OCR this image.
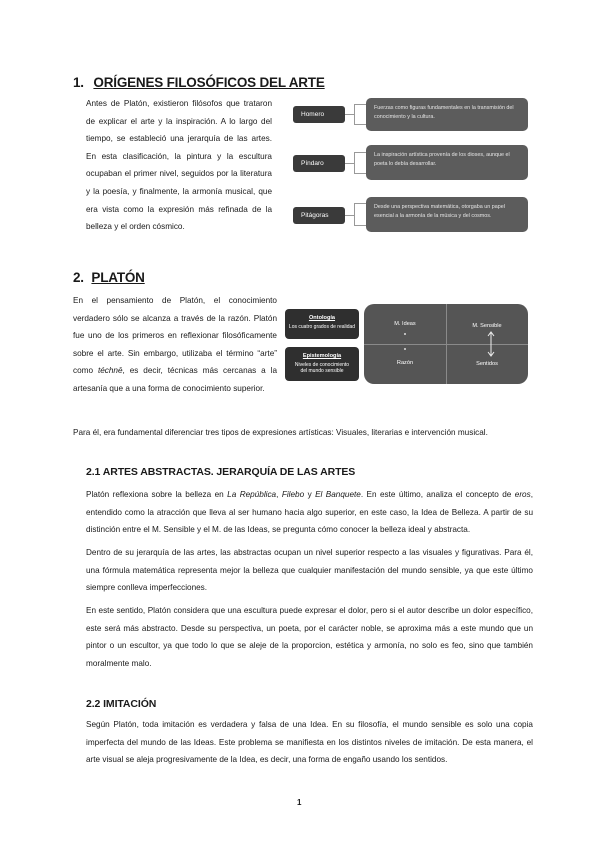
1. ORÍGENES FILOSÓFICOS DEL ARTE

Antes de Platón, existieron filósofos que trataron de explicar el arte y la inspiración. A lo largo del tiempo, se estableció una jerarquía de las artes. En esta clasificación, la pintura y la escultura ocupaban el primer nivel, seguidos por la literatura y la poesía, y finalmente, la armonía musical, que era vista como la expresión más refinada de la belleza y el orden cósmico.

Homero
Fuerzas como figuras fundamentales en la transmisión del conocimiento y la cultura.
Píndaro
La inspiración artística provenía de los dioses, aunque el poeta lo debía desarrollar.
Pitágoras
Desde una perspectiva matemática, otorgaba un papel esencial a la armonía de la música y del cosmos.
2. PLATÓN

En el pensamiento de Platón, el conocimiento verdadero sólo se alcanza a través de la razón. Platón fue uno de los primeros en reflexionar filosóficamente sobre el arte. Sin embargo, utilizaba el término “arte” como téchnē, es decir, técnicas más cercanas a la artesanía que a una forma de conocimiento superior.

Ontología
Los cuatro grados de realidad
Epistemología
Niveles de conocimiento del mundo sensible
M. Ideas	M. Sensible
Razón	Sentidos

Para él, era fundamental diferenciar tres tipos de expresiones artísticas: Visuales, literarias e intervención musical.

2.1 ARTES ABSTRACTAS. JERARQUÍA DE LAS ARTES

Platón reflexiona sobre la belleza en La República, Filebo y El Banquete. En este último, analiza el concepto de eros, entendido como la atracción que lleva al ser humano hacia algo superior, en este caso, la Idea de Belleza. A partir de su distinción entre el M. Sensible y el M. de las Ideas, se pregunta cómo conocer la belleza ideal y abstracta.

Dentro de su jerarquía de las artes, las abstractas ocupan un nivel superior respecto a las visuales y figurativas. Para él, una fórmula matemática representa mejor la belleza que cualquier manifestación del mundo sensible, ya que este último siempre conlleva imperfecciones.

En este sentido, Platón considera que una escultura puede expresar el dolor, pero si el autor describe un dolor específico, este será más abstracto. Desde su perspectiva, un poeta, por el carácter noble, se aproxima más a este mundo que un pintor o un escultor, ya que todo lo que se aleje de la proporcion, estética y armonía, no solo es feo, sino que también moralmente malo.

2.2 IMITACIÓN

Según Platón, toda imitación es verdadera y falsa de una Idea. En su filosofía, el mundo sensible es solo una copia imperfecta del mundo de las Ideas. Este problema se manifiesta en los distintos niveles de imitación. De esta manera, el arte visual se aleja progresivamente de la Idea, es decir, una forma de engaño usando los sentidos.

1
